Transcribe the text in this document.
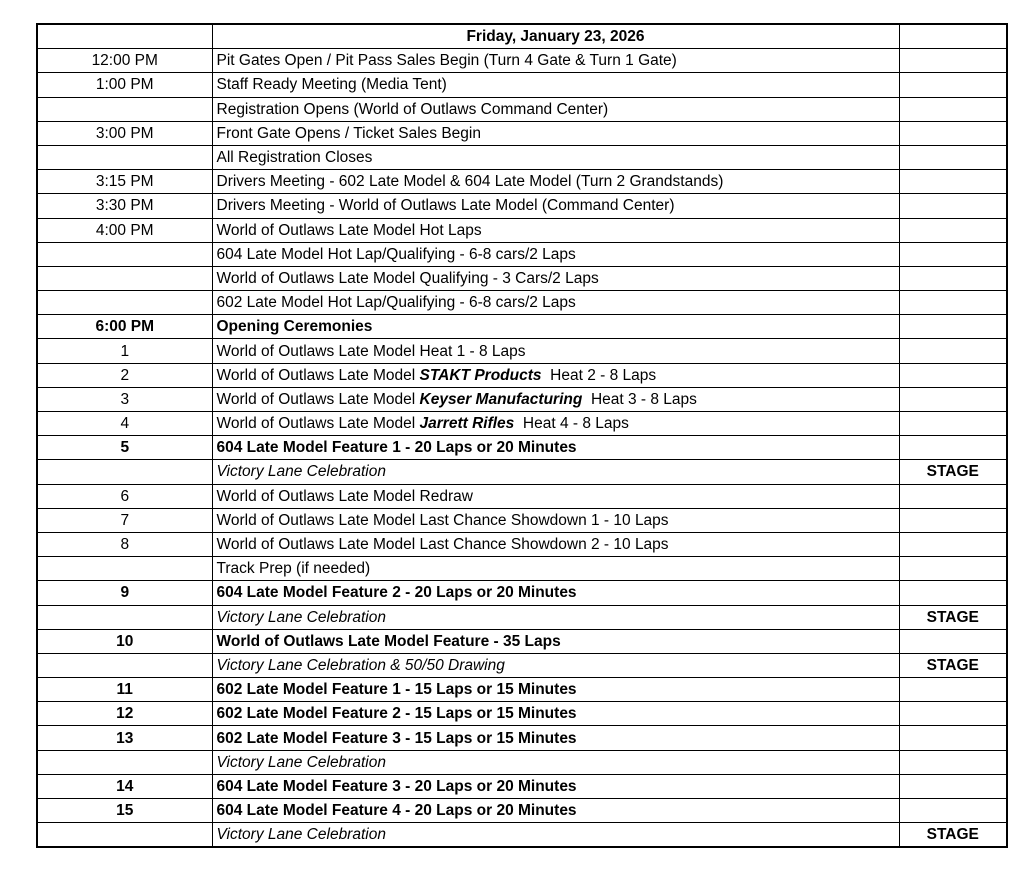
	Friday, January 23, 2026	
12:00 PM	Pit Gates Open / Pit Pass Sales Begin (Turn 4 Gate & Turn 1 Gate)	
1:00 PM	Staff Ready Meeting (Media Tent)	
	Registration Opens (World of Outlaws Command Center)	
3:00 PM	Front Gate Opens / Ticket Sales Begin	
	All Registration Closes	
3:15 PM	Drivers Meeting - 602 Late Model & 604 Late Model (Turn 2 Grandstands)	
3:30 PM	Drivers Meeting - World of Outlaws Late Model (Command Center)	
4:00 PM	World of Outlaws Late Model Hot Laps	
	604 Late Model Hot Lap/Qualifying - 6-8 cars/2 Laps	
	World of Outlaws Late Model Qualifying - 3 Cars/2 Laps	
	602 Late Model Hot Lap/Qualifying - 6-8 cars/2 Laps	
6:00 PM	Opening Ceremonies	
1	World of Outlaws Late Model Heat 1 - 8 Laps	
2	World of Outlaws Late Model STAKT Products  Heat 2 - 8 Laps	
3	World of Outlaws Late Model Keyser Manufacturing  Heat 3 - 8 Laps	
4	World of Outlaws Late Model Jarrett Rifles  Heat 4 - 8 Laps	
5	604 Late Model Feature 1 - 20 Laps or 20 Minutes	
	Victory Lane Celebration	STAGE
6	World of Outlaws Late Model Redraw	
7	World of Outlaws Late Model Last Chance Showdown 1 - 10 Laps	
8	World of Outlaws Late Model Last Chance Showdown 2 - 10 Laps	
	Track Prep (if needed)	
9	604 Late Model Feature 2 - 20 Laps or 20 Minutes	
	Victory Lane Celebration	STAGE
10	World of Outlaws Late Model Feature - 35 Laps	
	Victory Lane Celebration & 50/50 Drawing	STAGE
11	602 Late Model Feature 1 - 15 Laps or 15 Minutes	
12	602 Late Model Feature 2 - 15 Laps or 15 Minutes	
13	602 Late Model Feature 3 - 15 Laps or 15 Minutes	
	Victory Lane Celebration	
14	604 Late Model Feature 3 - 20 Laps or 20 Minutes	
15	604 Late Model Feature 4 - 20 Laps or 20 Minutes	
	Victory Lane Celebration	STAGE
